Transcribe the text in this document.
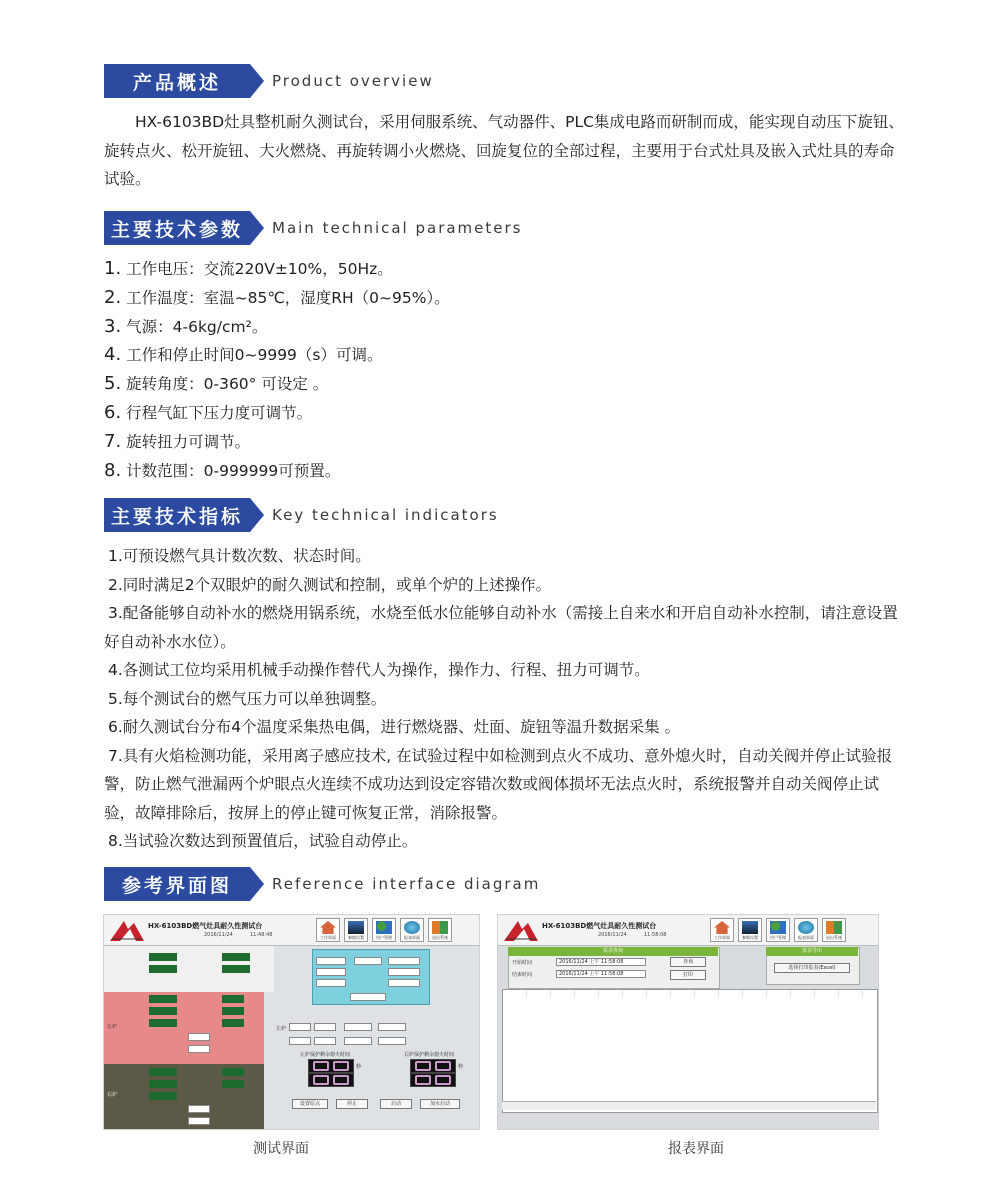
产品概述	Product overview

HX-6103BD灶具整机耐久测试台，采用伺服系统、气动器件、PLC集成电路而研制而成，能实现自动压下旋钮、旋转点火、松开旋钮、大火燃烧、再旋转调小火燃烧、回旋复位的全部过程，主要用于台式灶具及嵌入式灶具的寿命试验。

主要技术参数	Main technical parameters
1. 工作电压：交流220V±10%，50Hz。
2. 工作温度：室温~85℃，湿度RH（0~95%）。
3. 气源：4-6kg/cm²。
4. 工作和停止时间0~9999（s）可调。
5. 旋转角度：0-360° 可设定 。
6. 行程气缸下压力度可调节。
7. 旋转扭力可调节。
8. 计数范围：0-999999可预置。
主要技术指标	Key technical indicators
1.可预设燃气具计数次数、状态时间。
2.同时满足2个双眼炉的耐久测试和控制，或单个炉的上述操作。
3.配备能够自动补水的燃烧用锅系统，水烧至低水位能够自动补水（需接上自来水和开启自动补水控制，请注意设置好自动补水水位）。
4.各测试工位均采用机械手动操作替代人为操作，操作力、行程、扭力可调节。
5.每个测试台的燃气压力可以单独调整。
6.耐久测试台分布4个温度采集热电偶，进行燃烧器、灶面、旋钮等温升数据采集 。
7.具有火焰检测功能，采用离子感应技术, 在试验过程中如检测到点火不成功、意外熄火时，自动关阀并停止试验报警，防止燃气泄漏两个炉眼点火连续不成功达到设定容错次数或阀体损坏无法点火时，系统报警并自动关阀停止试验，故障排除后，按屏上的停止键可恢复正常，消除报警。
8.当试验次数达到预置值后，试验自动停止。
参考界面图	Reference interface diagram
HX-6103BD燃气灶具耐久性测试台
2016/11/24	11:48:48	工作界面	参数设置	用户管理	报表界面	退出系统
左炉
右炉
左炉
左炉保护剩余熄火时间	右炉保护剩余熄火时间
秒	秒
设置原点	停止	启动	加水启动
测试界面
HX-6103BD燃气灶具耐久性测试台
2016/11/24	11:58:08	工作界面	参数设置	用户管理	报表界面	退出系统
报表查询
开始时间	2016/11/24 上午 11:58:08
结束时间	2016/11/24 上午 11:58:08
查询
打印
报表导出
选择打印报表(Excel)
报表界面
